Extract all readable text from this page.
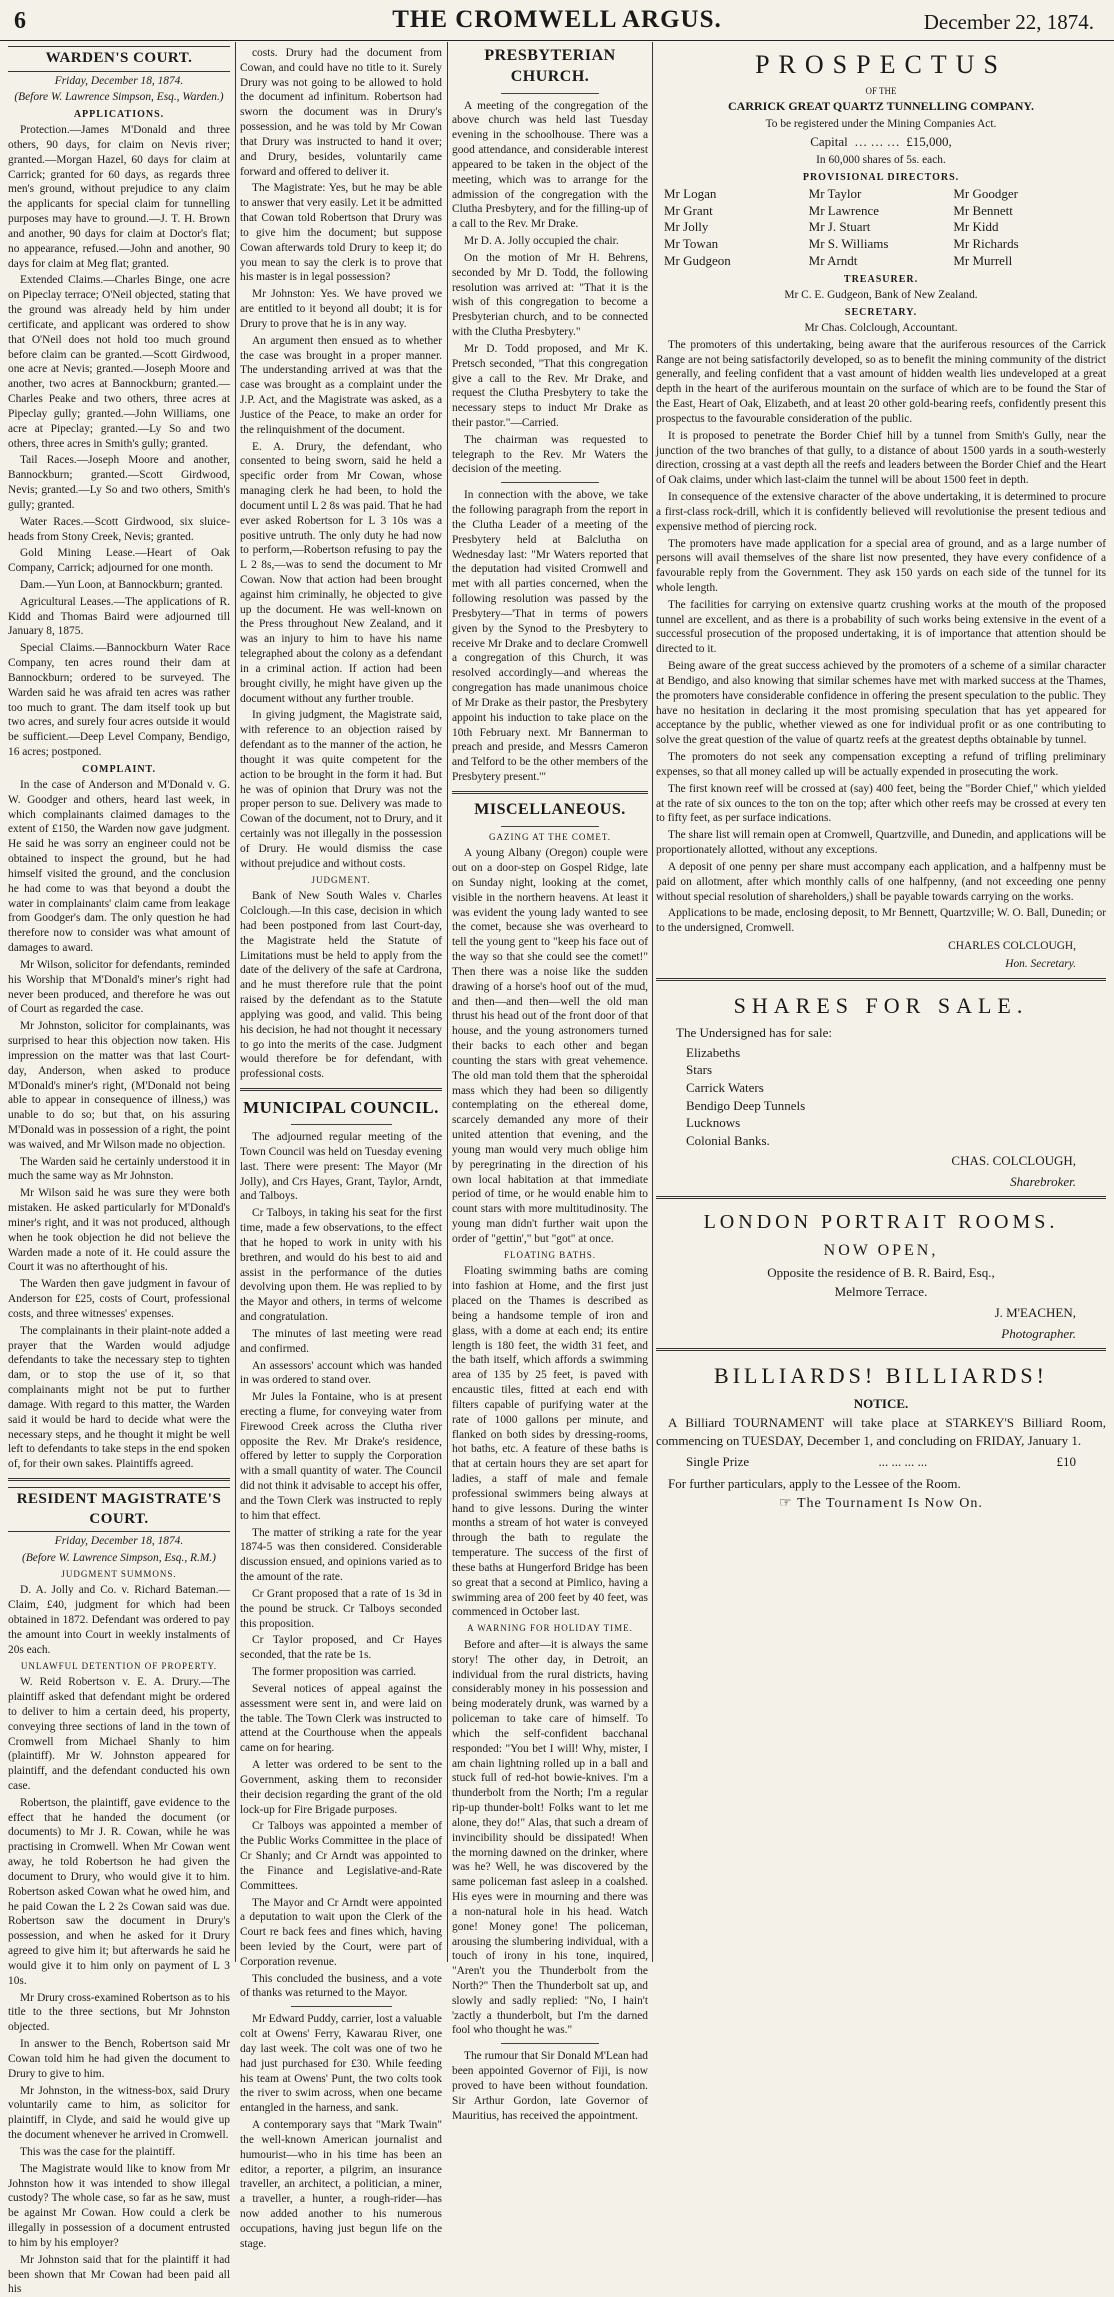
6	THE CROMWELL ARGUS.	December 22, 1874.
WARDEN'S COURT.
Friday, December 18, 1874.
(Before W. Lawrence Simpson, Esq., Warden.)
APPLICATIONS.

Protection.—James M'Donald and three others, 90 days, for claim on Nevis river; granted.—Morgan Hazel, 60 days for claim at Carrick; granted for 60 days, as regards three men's ground, without prejudice to any claim the applicants for special claim for tunnelling purposes may have to ground.—J. T. H. Brown and another, 90 days for claim at Doctor's flat; no appearance, refused.—John and another, 90 days for claim at Meg flat; granted.

Extended Claims.—Charles Binge, one acre on Pipeclay terrace; O'Neil objected, stating that the ground was already held by him under certificate, and applicant was ordered to show that O'Neil does not hold too much ground before claim can be granted.—Scott Girdwood, one acre at Nevis; granted.—Joseph Moore and another, two acres at Bannockburn; granted.—Charles Peake and two others, three acres at Pipeclay gully; granted.—John Williams, one acre at Pipeclay; granted.—Ly So and two others, three acres in Smith's gully; granted.

Tail Races.—Joseph Moore and another, Bannockburn; granted.—Scott Girdwood, Nevis; granted.—Ly So and two others, Smith's gully; granted.

Water Races.—Scott Girdwood, six sluice-heads from Stony Creek, Nevis; granted.

Gold Mining Lease.—Heart of Oak Company, Carrick; adjourned for one month.

Dam.—Yun Loon, at Bannockburn; granted.

Agricultural Leases.—The applications of R. Kidd and Thomas Baird were adjourned till January 8, 1875.

Special Claims.—Bannockburn Water Race Company, ten acres round their dam at Bannockburn; ordered to be surveyed. The Warden said he was afraid ten acres was rather too much to grant. The dam itself took up but two acres, and surely four acres outside it would be sufficient.—Deep Level Company, Bendigo, 16 acres; postponed.

COMPLAINT.

In the case of Anderson and M'Donald v. G. W. Goodger and others, heard last week, in which complainants claimed damages to the extent of £150, the Warden now gave judgment. He said he was sorry an engineer could not be obtained to inspect the ground, but he had himself visited the ground, and the conclusion he had come to was that beyond a doubt the water in complainants' claim came from leakage from Goodger's dam. The only question he had therefore now to consider was what amount of damages to award.

Mr Wilson, solicitor for defendants, reminded his Worship that M'Donald's miner's right had never been produced, and therefore he was out of Court as regarded the case.

Mr Johnston, solicitor for complainants, was surprised to hear this objection now taken. His impression on the matter was that last Court-day, Anderson, when asked to produce M'Donald's miner's right, (M'Donald not being able to appear in consequence of illness,) was unable to do so; but that, on his assuring M'Donald was in possession of a right, the point was waived, and Mr Wilson made no objection.

The Warden said he certainly understood it in much the same way as Mr Johnston.

Mr Wilson said he was sure they were both mistaken. He asked particularly for M'Donald's miner's right, and it was not produced, although when he took objection he did not believe the Warden made a note of it. He could assure the Court it was no afterthought of his.

The Warden then gave judgment in favour of Anderson for £25, costs of Court, professional costs, and three witnesses' expenses.

The complainants in their plaint-note added a prayer that the Warden would adjudge defendants to take the necessary step to tighten dam, or to stop the use of it, so that complainants might not be put to further damage. With regard to this matter, the Warden said it would be hard to decide what were the necessary steps, and he thought it might be well left to defendants to take steps in the end spoken of, for their own sakes. Plaintiffs agreed.

RESIDENT MAGISTRATE'S COURT.
Friday, December 18, 1874.
(Before W. Lawrence Simpson, Esq., R.M.)
JUDGMENT SUMMONS.

D. A. Jolly and Co. v. Richard Bateman.—Claim, £40, judgment for which had been obtained in 1872. Defendant was ordered to pay the amount into Court in weekly instalments of 20s each.

UNLAWFUL DETENTION OF PROPERTY.

W. Reid Robertson v. E. A. Drury.—The plaintiff asked that defendant might be ordered to deliver to him a certain deed, his property, conveying three sections of land in the town of Cromwell from Michael Shanly to him (plaintiff). Mr W. Johnston appeared for plaintiff, and the defendant conducted his own case.

Robertson, the plaintiff, gave evidence to the effect that he handed the document (or documents) to Mr J. R. Cowan, while he was practising in Cromwell. When Mr Cowan went away, he told Robertson he had given the document to Drury, who would give it to him. Robertson asked Cowan what he owed him, and he paid Cowan the L 2 2s Cowan said was due. Robertson saw the document in Drury's possession, and when he asked for it Drury agreed to give him it; but afterwards he said he would give it to him only on payment of L 3 10s.

Mr Drury cross-examined Robertson as to his title to the three sections, but Mr Johnston objected.

In answer to the Bench, Robertson said Mr Cowan told him he had given the document to Drury to give to him.

Mr Johnston, in the witness-box, said Drury voluntarily came to him, as solicitor for plaintiff, in Clyde, and said he would give up the document whenever he arrived in Cromwell.

This was the case for the plaintiff.

The Magistrate would like to know from Mr Johnston how it was intended to show illegal custody? The whole case, so far as he saw, must be against Mr Cowan. How could a clerk be illegally in possession of a document entrusted to him by his employer?

Mr Johnston said that for the plaintiff it had been shown that Mr Cowan had been paid all his

costs. Drury had the document from Cowan, and could have no title to it. Surely Drury was not going to be allowed to hold the document ad infinitum. Robertson had sworn the document was in Drury's possession, and he was told by Mr Cowan that Drury was instructed to hand it over; and Drury, besides, voluntarily came forward and offered to deliver it.

The Magistrate: Yes, but he may be able to answer that very easily. Let it be admitted that Cowan told Robertson that Drury was to give him the document; but suppose Cowan afterwards told Drury to keep it; do you mean to say the clerk is to prove that his master is in legal possession?

Mr Johnston: Yes. We have proved we are entitled to it beyond all doubt; it is for Drury to prove that he is in any way.

An argument then ensued as to whether the case was brought in a proper manner. The understanding arrived at was that the case was brought as a complaint under the J.P. Act, and the Magistrate was asked, as a Justice of the Peace, to make an order for the relinquishment of the document.

E. A. Drury, the defendant, who consented to being sworn, said he held a specific order from Mr Cowan, whose managing clerk he had been, to hold the document until L 2 8s was paid. That he had ever asked Robertson for L 3 10s was a positive untruth. The only duty he had now to perform,—Robertson refusing to pay the L 2 8s,—was to send the document to Mr Cowan. Now that action had been brought against him criminally, he objected to give up the document. He was well-known on the Press throughout New Zealand, and it was an injury to him to have his name telegraphed about the colony as a defendant in a criminal action. If action had been brought civilly, he might have given up the document without any further trouble.

In giving judgment, the Magistrate said, with reference to an objection raised by defendant as to the manner of the action, he thought it was quite competent for the action to be brought in the form it had. But he was of opinion that Drury was not the proper person to sue. Delivery was made to Cowan of the document, not to Drury, and it certainly was not illegally in the possession of Drury. He would dismiss the case without prejudice and without costs.

JUDGMENT.

Bank of New South Wales v. Charles Colclough.—In this case, decision in which had been postponed from last Court-day, the Magistrate held the Statute of Limitations must be held to apply from the date of the delivery of the safe at Cardrona, and he must therefore rule that the point raised by the defendant as to the Statute applying was good, and valid. This being his decision, he had not thought it necessary to go into the merits of the case. Judgment would therefore be for defendant, with professional costs.

MUNICIPAL COUNCIL.

The adjourned regular meeting of the Town Council was held on Tuesday evening last. There were present: The Mayor (Mr Jolly), and Crs Hayes, Grant, Taylor, Arndt, and Talboys.

Cr Talboys, in taking his seat for the first time, made a few observations, to the effect that he hoped to work in unity with his brethren, and would do his best to aid and assist in the performance of the duties devolving upon them. He was replied to by the Mayor and others, in terms of welcome and congratulation.

The minutes of last meeting were read and confirmed.

An assessors' account which was handed in was ordered to stand over.

Mr Jules la Fontaine, who is at present erecting a flume, for conveying water from Firewood Creek across the Clutha river opposite the Rev. Mr Drake's residence, offered by letter to supply the Corporation with a small quantity of water. The Council did not think it advisable to accept his offer, and the Town Clerk was instructed to reply to him that effect.

The matter of striking a rate for the year 1874-5 was then considered. Considerable discussion ensued, and opinions varied as to the amount of the rate.

Cr Grant proposed that a rate of 1s 3d in the pound be struck. Cr Talboys seconded this proposition.

Cr Taylor proposed, and Cr Hayes seconded, that the rate be 1s.

The former proposition was carried.

Several notices of appeal against the assessment were sent in, and were laid on the table. The Town Clerk was instructed to attend at the Courthouse when the appeals came on for hearing.

A letter was ordered to be sent to the Government, asking them to reconsider their decision regarding the grant of the old lock-up for Fire Brigade purposes.

Cr Talboys was appointed a member of the Public Works Committee in the place of Cr Shanly; and Cr Arndt was appointed to the Finance and Legislative-and-Rate Committees.

The Mayor and Cr Arndt were appointed a deputation to wait upon the Clerk of the Court re back fees and fines which, having been levied by the Court, were part of Corporation revenue.

This concluded the business, and a vote of thanks was returned to the Mayor.

Mr Edward Puddy, carrier, lost a valuable colt at Owens' Ferry, Kawarau River, one day last week. The colt was one of two he had just purchased for £30. While feeding his team at Owens' Punt, the two colts took the river to swim across, when one became entangled in the harness, and sank.

A contemporary says that "Mark Twain" the well-known American journalist and humourist—who in his time has been an editor, a reporter, a pilgrim, an insurance traveller, an architect, a politician, a miner, a traveller, a hunter, a rough-rider—has now added another to his numerous occupations, having just begun life on the stage.

PRESBYTERIAN CHURCH.

A meeting of the congregation of the above church was held last Tuesday evening in the schoolhouse. There was a good attendance, and considerable interest appeared to be taken in the object of the meeting, which was to arrange for the admission of the congregation with the Clutha Presbytery, and for the filling-up of a call to the Rev. Mr Drake.

Mr D. A. Jolly occupied the chair.

On the motion of Mr H. Behrens, seconded by Mr D. Todd, the following resolution was arrived at: "That it is the wish of this congregation to become a Presbyterian church, and to be connected with the Clutha Presbytery."

Mr D. Todd proposed, and Mr K. Pretsch seconded, "That this congregation give a call to the Rev. Mr Drake, and request the Clutha Presbytery to take the necessary steps to induct Mr Drake as their pastor."—Carried.

The chairman was requested to telegraph to the Rev. Mr Waters the decision of the meeting.

In connection with the above, we take the following paragraph from the report in the Clutha Leader of a meeting of the Presbytery held at Balclutha on Wednesday last: "Mr Waters reported that the deputation had visited Cromwell and met with all parties concerned, when the following resolution was passed by the Presbytery—'That in terms of powers given by the Synod to the Presbytery to receive Mr Drake and to declare Cromwell a congregation of this Church, it was resolved accordingly—and whereas the congregation has made unanimous choice of Mr Drake as their pastor, the Presbytery appoint his induction to take place on the 10th February next. Mr Bannerman to preach and preside, and Messrs Cameron and Telford to be the other members of the Presbytery present.'"

MISCELLANEOUS.
GAZING AT THE COMET.

A young Albany (Oregon) couple were out on a door-step on Gospel Ridge, late on Sunday night, looking at the comet, visible in the northern heavens. At least it was evident the young lady wanted to see the comet, because she was overheard to tell the young gent to "keep his face out of the way so that she could see the comet!" Then there was a noise like the sudden drawing of a horse's hoof out of the mud, and then—and then—well the old man thrust his head out of the front door of that house, and the young astronomers turned their backs to each other and began counting the stars with great vehemence. The old man told them that the spheroidal mass which they had been so diligently contemplating on the ethereal dome, scarcely demanded any more of their united attention that evening, and the young man would very much oblige him by peregrinating in the direction of his own local habitation at that immediate period of time, or he would enable him to count stars with more multitudinosity. The young man didn't further wait upon the order of "gettin'," but "got" at once.

FLOATING BATHS.

Floating swimming baths are coming into fashion at Home, and the first just placed on the Thames is described as being a handsome temple of iron and glass, with a dome at each end; its entire length is 180 feet, the width 31 feet, and the bath itself, which affords a swimming area of 135 by 25 feet, is paved with encaustic tiles, fitted at each end with filters capable of purifying water at the rate of 1000 gallons per minute, and flanked on both sides by dressing-rooms, hot baths, etc. A feature of these baths is that at certain hours they are set apart for ladies, a staff of male and female professional swimmers being always at hand to give lessons. During the winter months a stream of hot water is conveyed through the bath to regulate the temperature. The success of the first of these baths at Hungerford Bridge has been so great that a second at Pimlico, having a swimming area of 200 feet by 40 feet, was commenced in October last.

A WARNING FOR HOLIDAY TIME.

Before and after—it is always the same story! The other day, in Detroit, an individual from the rural districts, having considerably money in his possession and being moderately drunk, was warned by a policeman to take care of himself. To which the self-confident bacchanal responded: "You bet I will! Why, mister, I am chain lightning rolled up in a ball and stuck full of red-hot bowie-knives. I'm a thunderbolt from the North; I'm a regular rip-up thunder-bolt! Folks want to let me alone, they do!" Alas, that such a dream of invincibility should be dissipated! When the morning dawned on the drinker, where was he? Well, he was discovered by the same policeman fast asleep in a coalshed. His eyes were in mourning and there was a non-natural hole in his head. Watch gone! Money gone! The policeman, arousing the slumbering individual, with a touch of irony in his tone, inquired, "Aren't you the Thunderbolt from the North?" Then the Thunderbolt sat up, and slowly and sadly replied: "No, I hain't 'zactly a thunderbolt, but I'm the darned fool who thought he was."

The rumour that Sir Donald M'Lean had been appointed Governor of Fiji, is now proved to have been without foundation. Sir Arthur Gordon, late Governor of Mauritius, has received the appointment.

PROSPECTUS
OF THE
CARRICK GREAT QUARTZ TUNNELLING COMPANY.
To be registered under the Mining Companies Act.
Capital  … … …  £15,000,
In 60,000 shares of 5s. each.
PROVISIONAL DIRECTORS.
Mr Logan	Mr Taylor	Mr Goodger
Mr Grant	Mr Lawrence	Mr Bennett
Mr Jolly	Mr J. Stuart	Mr Kidd
Mr Towan	Mr S. Williams	Mr Richards
Mr Gudgeon	Mr Arndt	Mr Murrell
TREASURER.
Mr C. E. Gudgeon, Bank of New Zealand.
SECRETARY.
Mr Chas. Colclough, Accountant.

The promoters of this undertaking, being aware that the auriferous resources of the Carrick Range are not being satisfactorily developed, so as to benefit the mining community of the district generally, and feeling confident that a vast amount of hidden wealth lies undeveloped at a great depth in the heart of the auriferous mountain on the surface of which are to be found the Star of the East, Heart of Oak, Elizabeth, and at least 20 other gold-bearing reefs, confidently present this prospectus to the favourable consideration of the public.

It is proposed to penetrate the Border Chief hill by a tunnel from Smith's Gully, near the junction of the two branches of that gully, to a distance of about 1500 yards in a south-westerly direction, crossing at a vast depth all the reefs and leaders between the Border Chief and the Heart of Oak claims, under which last-claim the tunnel will be about 1500 feet in depth.

In consequence of the extensive character of the above undertaking, it is determined to procure a first-class rock-drill, which it is confidently believed will revolutionise the present tedious and expensive method of piercing rock.

The promoters have made application for a special area of ground, and as a large number of persons will avail themselves of the share list now presented, they have every confidence of a favourable reply from the Government. They ask 150 yards on each side of the tunnel for its whole length.

The facilities for carrying on extensive quartz crushing works at the mouth of the proposed tunnel are excellent, and as there is a probability of such works being extensive in the event of a successful prosecution of the proposed undertaking, it is of importance that attention should be directed to it.

Being aware of the great success achieved by the promoters of a scheme of a similar character at Bendigo, and also knowing that similar schemes have met with marked success at the Thames, the promoters have considerable confidence in offering the present speculation to the public. They have no hesitation in declaring it the most promising speculation that has yet appeared for acceptance by the public, whether viewed as one for individual profit or as one contributing to solve the great question of the value of quartz reefs at the greatest depths obtainable by tunnel.

The promoters do not seek any compensation excepting a refund of trifling preliminary expenses, so that all money called up will be actually expended in prosecuting the work.

The first known reef will be crossed at (say) 400 feet, being the "Border Chief," which yielded at the rate of six ounces to the ton on the top; after which other reefs may be crossed at every ten to fifty feet, as per surface indications.

The share list will remain open at Cromwell, Quartzville, and Dunedin, and applications will be proportionately allotted, without any exceptions.

A deposit of one penny per share must accompany each application, and a halfpenny must be paid on allotment, after which monthly calls of one halfpenny, (and not exceeding one penny without special resolution of shareholders,) shall be payable towards carrying on the works.

Applications to be made, enclosing deposit, to Mr Bennett, Quartzville; W. O. Ball, Dunedin; or to the undersigned, Cromwell.

CHARLES COLCLOUGH,
Hon. Secretary.
SHARES FOR SALE.
The Undersigned has for sale:
Elizabeths
Stars
Carrick Waters
Bendigo Deep Tunnels
Lucknows
Colonial Banks.
CHAS. COLCLOUGH,
Sharebroker.
LONDON PORTRAIT ROOMS.
NOW OPEN,
Opposite the residence of B. R. Baird, Esq.,
Melmore Terrace.
J. M'EACHEN,
Photographer.
BILLIARDS! BILLIARDS!
NOTICE.

A Billiard TOURNAMENT will take place at STARKEY'S Billiard Room, commencing on TUESDAY, December 1, and concluding on FRIDAY, January 1.

Single Prize	... ... ... ...	£10

For further particulars, apply to the Lessee of the Room.

☞ The Tournament Is Now On.
